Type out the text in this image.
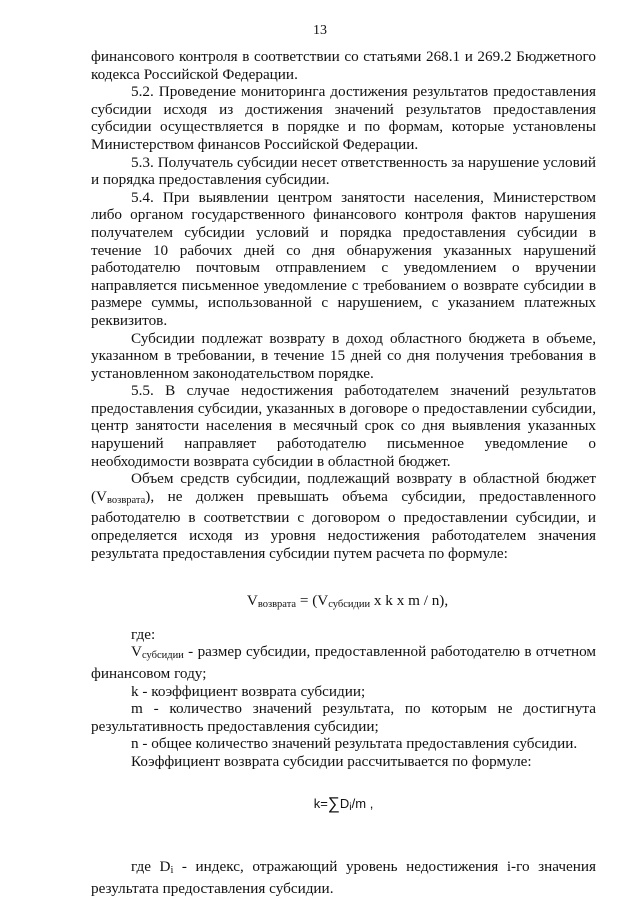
13

финансового контроля в соответствии со статьями 268.1 и 269.2 Бюджетного кодекса Российской Федерации.

5.2. Проведение мониторинга достижения результатов предоставления субсидии исходя из достижения значений результатов предоставления субсидии осуществляется в порядке и по формам, которые установлены Министерством финансов Российской Федерации.

5.3. Получатель субсидии несет ответственность за нарушение условий и порядка предоставления субсидии.

5.4. При выявлении центром занятости населения, Министерством либо органом государственного финансового контроля фактов нарушения получателем субсидии условий и порядка предоставления субсидии в течение 10 рабочих дней со дня обнаружения указанных нарушений работодателю почтовым отправлением с уведомлением о вручении направляется письменное уведомление с требованием о возврате субсидии в размере суммы, использованной с нарушением, с указанием платежных реквизитов.

Субсидии подлежат возврату в доход областного бюджета в объеме, указанном в требовании, в течение 15 дней со дня получения требования в установленном законодательством порядке.

5.5. В случае недостижения работодателем значений результатов предоставления субсидии, указанных в договоре о предоставлении субсидии, центр занятости населения в месячный срок со дня выявления указанных нарушений направляет работодателю письменное уведомление о необходимости возврата субсидии в областной бюджет.

Объем средств субсидии, подлежащий возврату в областной бюджет (Vвозврата), не должен превышать объема субсидии, предоставленного работодателю в соответствии с договором о предоставлении субсидии, и определяется исходя из уровня недостижения работодателем значения результата предоставления субсидии путем расчета по формуле:

Vвозврата = (Vсубсидии x k x m / n),

где:

Vсубсидии - размер субсидии, предоставленной работодателю в отчетном финансовом году;

k - коэффициент возврата субсидии;

m - количество значений результата, по которым не достигнута результативность предоставления субсидии;

n - общее количество значений результата предоставления субсидии.

Коэффициент возврата субсидии рассчитывается по формуле:

k=∑Di/m ,

где Di - индекс, отражающий уровень недостижения i-го значения результата предоставления субсидии.
